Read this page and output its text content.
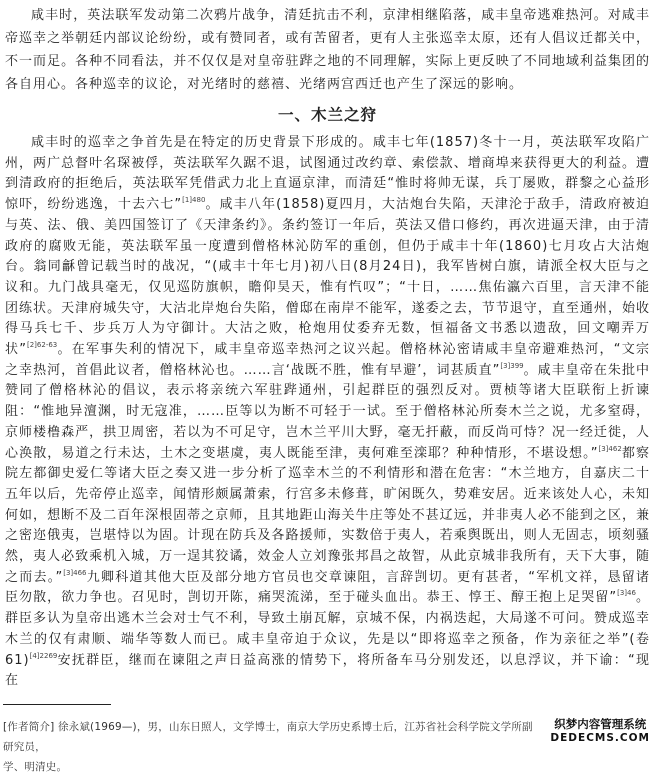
咸丰时，英法联军发动第二次鸦片战争，清廷抗击不利，京津相继陷落，咸丰皇帝逃难热河。对咸丰帝巡幸之举朝廷内部议论纷纷，或有赞同者，或有苦留者，更有人主张巡幸太原，还有人倡议迁都关中，不一而足。各种不同看法，并不仅仅是对皇帝驻跸之地的不同理解，实际上更反映了不同地域利益集团的各自用心。各种巡幸的议论，对光绪时的慈禧、光绪两宫西迁也产生了深远的影响。

一、木兰之狩

咸丰时的巡幸之争首先是在特定的历史背景下形成的。咸丰七年(1857)冬十一月，英法联军攻陷广州，两广总督叶名琛被俘，英法联军久踞不退，试图通过改约章、索偿款、增商埠来获得更大的利益。遭到清政府的拒绝后，英法联军凭借武力北上直逼京津，而清廷“惟时将帅无谋，兵丁屡败，群黎之心益形惊吓，纷纷逃逸，十去六七”$^{[1]480}$。咸丰八年(1858)夏四月，大沽炮台失陷，天津沦于敌手，清政府被迫与英、法、俄、美四国签订了《天津条约》。条约签订一年后，英法又借口修约，再次进逼天津，由于清政府的腐败无能，英法联军虽一度遭到僧格林沁防军的重创，但仍于咸丰十年(1860)七月攻占大沽炮台。翁同龢曾记载当时的战况，“(咸丰十年七月)初八日(8月24日)，我军皆树白旗，请派全权大臣与之议和。九门战具毫无，仅见巡防旗帜，瞻仰昊天，惟有忾叹”；“十日，……焦佑瀛六百里，言天津不能团练状。天津府城失守，大沽北岸炮台失陷，僧邸在南岸不能军，遂委之去，节节退守，直至通州，始收得马兵七千、步兵万人为守御计。大沽之败，枪炮用仗委弃无数，恒福备文书悉以遗敌，回文嘲弄万状”$^{[2]62-63}$。在军事失利的情况下，咸丰皇帝巡幸热河之议兴起。僧格林沁密请咸丰皇帝避难热河，“文宗之幸热河，首倡此议者，僧格林沁也。……言‘战既不胜，惟有早避’，词甚质直”$^{[3]399}$。咸丰皇帝在朱批中赞同了僧格林沁的倡议，表示将亲统六军驻跸通州，引起群臣的强烈反对。贾桢等诸大臣联衔上折谏阻：“惟地异澶渊，时无寇准，……臣等以为断不可轻于一试。至于僧格林沁所奏木兰之说，尤多窒碍，京师楼橹森严，拱卫周密，若以为不可足守，岂木兰平川大野，毫无扞蔽，而反尚可恃？况一经迁徙，人心涣散，易道之行未达，土木之变堪虞，夷人既能至津，夷何难至滦耶？种种情形，不堪设想。”$^{[3]462}$都察院左都御史爱仁等诸大臣之奏又进一步分析了巡幸木兰的不利情形和潜在危害：“木兰地方，自嘉庆二十五年以后，先帝停止巡幸，闻情形颇属萧索，行宫多未修葺，旷闲既久，势难安居。近来该处人心，未知何如，想断不及二百年深根固蒂之京师，且其地距山海关牛庄等处不甚辽远，并非夷人必不能到之区，兼之密迩俄夷，岂堪恃以为固。计现在防兵及各路援师，实数倍于夷人，若乘舆既出，则人无固志，顷刻骚然，夷人必致乘机入城，万一逞其狡谲，效金人立刘豫张邦昌之故智，从此京城非我所有，天下大事，随之而去。”$^{[3]466}$九卿科道其他大臣及部分地方官员也交章谏阻，言辞剀切。更有甚者，“军机文祥，恳留诸臣勿散，欲力争也。召见时，剀切开陈，痛哭流涕，至于碰头血出。恭王、惇王、醇王抱上足哭留”$^{[3]46}$。群臣多认为皇帝出逃木兰会对士气不利，导致土崩瓦解，京城不保，内祸迭起，大局遂不可问。赞成巡幸木兰的仅有肃顺、端华等数人而已。咸丰皇帝迫于众议，先是以“即将巡幸之预备，作为亲征之举”(卷61)$^{[4]2269}$安抚群臣，继而在谏阻之声日益高涨的情势下，将所备车马分别发还，以息浮议，并下谕：“现在

[作者简介] 徐永斌(1969—)，男，山东日照人，文学博士，南京大学历史系博士后，江苏省社会科学院文学所副研究员，
学、明清史。
织梦内容管理系统
DEDECMS.COM
